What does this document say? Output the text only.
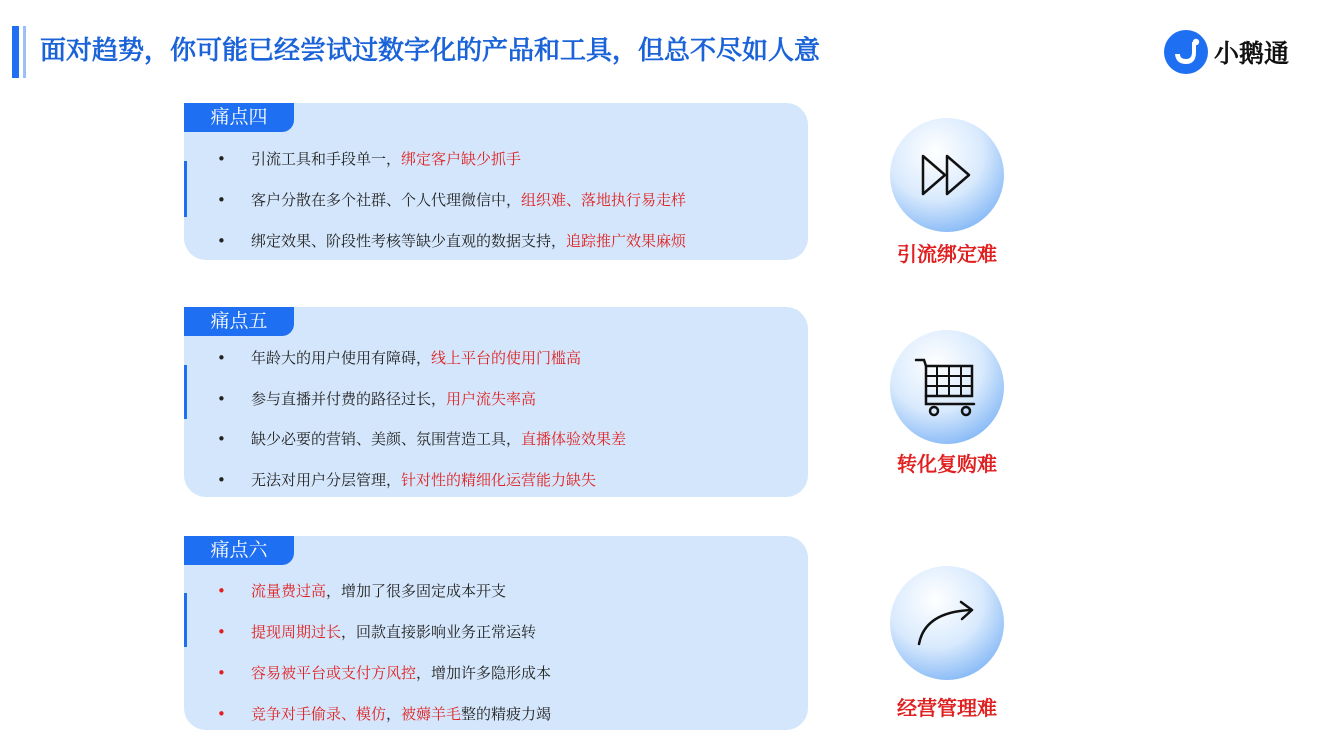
面对趋势，你可能已经尝试过数字化的产品和工具，但总不尽如人意	小鹅通
痛点四
• 引流工具和手段单一，绑定客户缺少抓手
• 客户分散在多个社群、个人代理微信中，组织难、落地执行易走样
• 绑定效果、阶段性考核等缺少直观的数据支持，追踪推广效果麻烦
痛点五
• 年龄大的用户使用有障碍，线上平台的使用门槛高
• 参与直播并付费的路径过长，用户流失率高
• 缺少必要的营销、美颜、氛围营造工具，直播体验效果差
• 无法对用户分层管理，针对性的精细化运营能力缺失
痛点六
• 流量费过高，增加了很多固定成本开支
• 提现周期过长，回款直接影响业务正常运转
• 容易被平台或支付方风控，增加许多隐形成本
• 竞争对手偷录、模仿，被薅羊毛整的精疲力竭
引流绑定难
转化复购难
经营管理难
